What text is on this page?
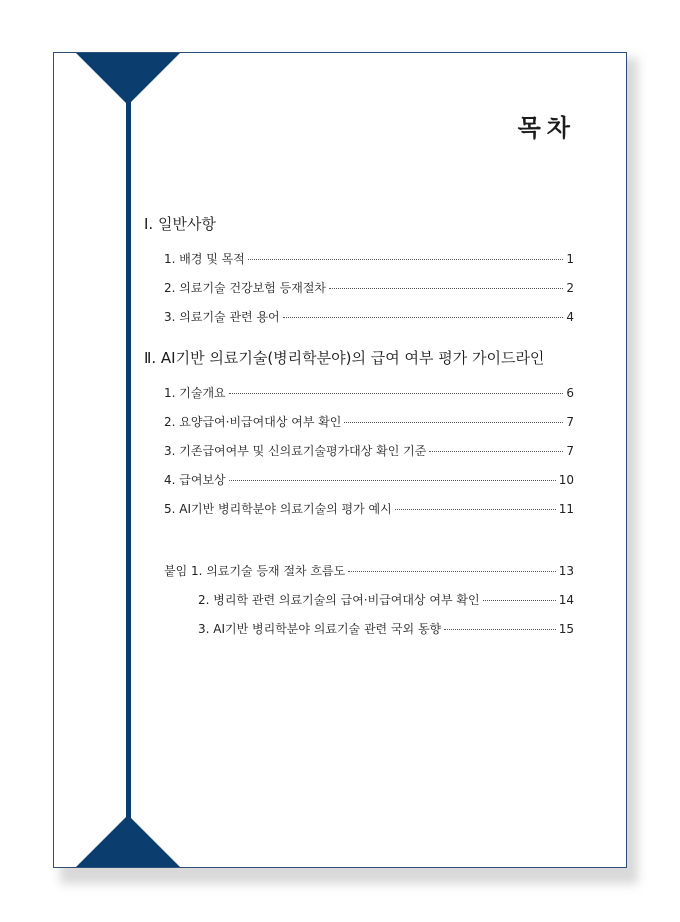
목차
Ⅰ. 일반사항
1. 배경 및 목적	1
2. 의료기술 건강보험 등재절차	2
3. 의료기술 관련 용어	4
Ⅱ. AI기반 의료기술(병리학분야)의 급여 여부 평가 가이드라인
1. 기술개요	6
2. 요양급여·비급여대상 여부 확인	7
3. 기존급여여부 및 신의료기술평가대상 확인 기준	7
4. 급여보상	10
5. AI기반 병리학분야 의료기술의 평가 예시	11
붙임 1. 의료기술 등재 절차 흐름도	13
2. 병리학 관련 의료기술의 급여·비급여대상 여부 확인	14
3. AI기반 병리학분야 의료기술 관련 국외 동향	15
